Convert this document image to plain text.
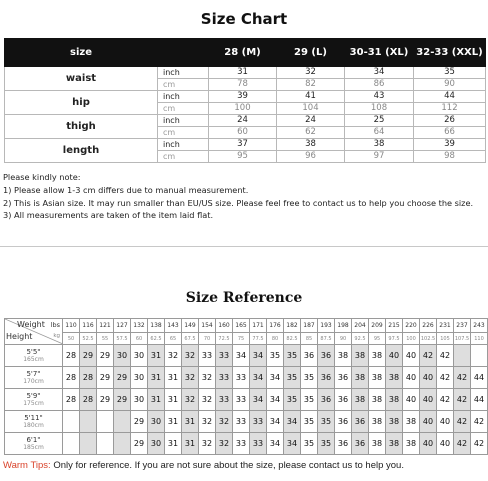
Size Chart
size		28 (M)	29 (L)	30-31 (XL)	32-33 (XXL)
waist	inch	31	32	34	35
	cm	78	82	86	90
hip	inch	39	41	43	44
	cm	100	104	108	112
thigh	inch	24	24	25	26
	cm	60	62	64	66
length	inch	37	38	38	39
	cm	95	96	97	98
Please kindly note:
1) Please allow 1-3 cm differs due to manual measurement.
2) This is Asian size. It may run smaller than EU/US size. Please feel free to contact us to help you choose the size.
3) All measurements are taken of the item laid flat.
Size Reference
Weight lbs
kg
Height	110	116	121	127	132	138	143	149	154	160	165	171	176	182	187	193	198	204	209	215	220	226	231	237	243
	50	52.5	55	57.5	60	62.5	65	67.5	70	72.5	75	77.5	80	82.5	85	87.5	90	92.5	95	97.5	100	102.5	105	107.5	110

5'5"
165cm	28	29	29	30	30	31	32	32	33	33	34	34	35	35	36	36	38	38	38	40	40	42	42		

5'7"
170cm	28	28	29	29	30	31	31	32	32	33	33	34	34	35	35	36	36	38	38	38	40	40	42	42	44

5'9"
175cm	28	28	29	29	30	31	31	32	32	33	33	34	34	35	35	36	36	38	38	38	40	40	42	42	44

5'11"
180cm					29	30	31	31	32	32	33	33	34	34	35	35	36	36	38	38	38	40	40	42	42

6'1"
185cm					29	30	31	31	32	32	33	33	34	34	35	35	36	36	38	38	38	40	40	42	42
Warm Tips: Only for reference. If you are not sure about the size, please contact us to help you.
